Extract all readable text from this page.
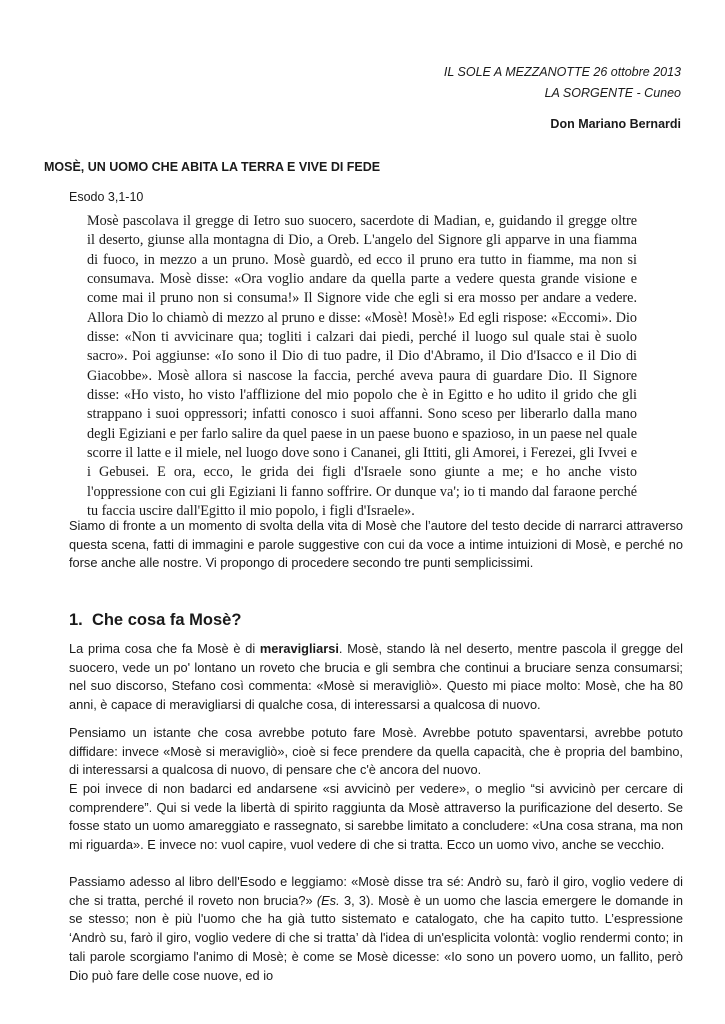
IL SOLE A MEZZANOTTE 26 ottobre 2013
LA SORGENTE - Cuneo
Don Mariano Bernardi
MOSÈ, UN UOMO CHE ABITA LA TERRA E VIVE DI FEDE
Esodo 3,1-10
Mosè pascolava il gregge di Ietro suo suocero, sacerdote di Madian, e, guidando il gregge oltre il deserto, giunse alla montagna di Dio, a Oreb. L'angelo del Signore gli apparve in una fiamma di fuoco, in mezzo a un pruno. Mosè guardò, ed ecco il pruno era tutto in fiamme, ma non si consumava. Mosè disse: «Ora voglio andare da quella parte a vedere questa grande visione e come mai il pruno non si consuma!» Il Signore vide che egli si era mosso per andare a vedere. Allora Dio lo chiamò di mezzo al pruno e disse: «Mosè! Mosè!» Ed egli rispose: «Eccomi». Dio disse: «Non ti avvicinare qua; togliti i calzari dai piedi, perché il luogo sul quale stai è suolo sacro». Poi aggiunse: «Io sono il Dio di tuo padre, il Dio d'Abramo, il Dio d'Isacco e il Dio di Giacobbe». Mosè allora si nascose la faccia, perché aveva paura di guardare Dio. Il Signore disse: «Ho visto, ho visto l'afflizione del mio popolo che è in Egitto e ho udito il grido che gli strappano i suoi oppressori; infatti conosco i suoi affanni. Sono sceso per liberarlo dalla mano degli Egiziani e per farlo salire da quel paese in un paese buono e spazioso, in un paese nel quale scorre il latte e il miele, nel luogo dove sono i Cananei, gli Ittiti, gli Amorei, i Ferezei, gli Ivvei e i Gebusei. E ora, ecco, le grida dei figli d'Israele sono giunte a me; e ho anche visto l'oppressione con cui gli Egiziani li fanno soffrire. Or dunque va'; io ti mando dal faraone perché tu faccia uscire dall'Egitto il mio popolo, i figli d'Israele».

Siamo di fronte a un momento di svolta della vita di Mosè che l’autore del testo decide di narrarci attraverso questa scena, fatti di immagini e parole suggestive con cui da voce a intime intuizioni di Mosè, e perché no forse anche alle nostre. Vi propongo di procedere secondo tre punti semplicissimi.

1. Che cosa fa Mosè?

La prima cosa che fa Mosè è di meravigliarsi. Mosè, stando là nel deserto, mentre pascola il gregge del suocero, vede un po' lontano un roveto che brucia e gli sembra che continui a bruciare senza consumarsi; nel suo discorso, Stefano così commenta: «Mosè si meravigliò». Questo mi piace molto: Mosè, che ha 80 anni, è capace di meravigliarsi di qualche cosa, di interessarsi a qualcosa di nuovo.

Pensiamo un istante che cosa avrebbe potuto fare Mosè. Avrebbe potuto spaventarsi, avrebbe potuto diffidare: invece «Mosè si meravigliò», cioè si fece prendere da quella capacità, che è propria del bambino, di interessarsi a qualcosa di nuovo, di pensare che c'è ancora del nuovo.

E poi invece di non badarci ed andarsene «si avvicinò per vedere», o meglio “si avvicinò per cercare di comprendere”. Qui si vede la libertà di spirito raggiunta da Mosè attraverso la purificazione del deserto. Se fosse stato un uomo amareggiato e rassegnato, si sarebbe limitato a concludere: «Una cosa strana, ma non mi riguarda». E invece no: vuol capire, vuol vedere di che si tratta. Ecco un uomo vivo, anche se vecchio.

Passiamo adesso al libro dell'Esodo e leggiamo: «Mosè disse tra sé: Andrò su, farò il giro, voglio vedere di che si tratta, perché il roveto non brucia?» (Es. 3, 3). Mosè è un uomo che lascia emergere le domande in se stesso; non è più l'uomo che ha già tutto sistemato e catalogato, che ha capito tutto. L’espressione ‘Andrò su, farò il giro, voglio vedere di che si tratta’ dà l'idea di un'esplicita volontà: voglio rendermi conto; in tali parole scorgiamo l'animo di Mosè; è come se Mosè dicesse: «Io sono un povero uomo, un fallito, però Dio può fare delle cose nuove, ed io
